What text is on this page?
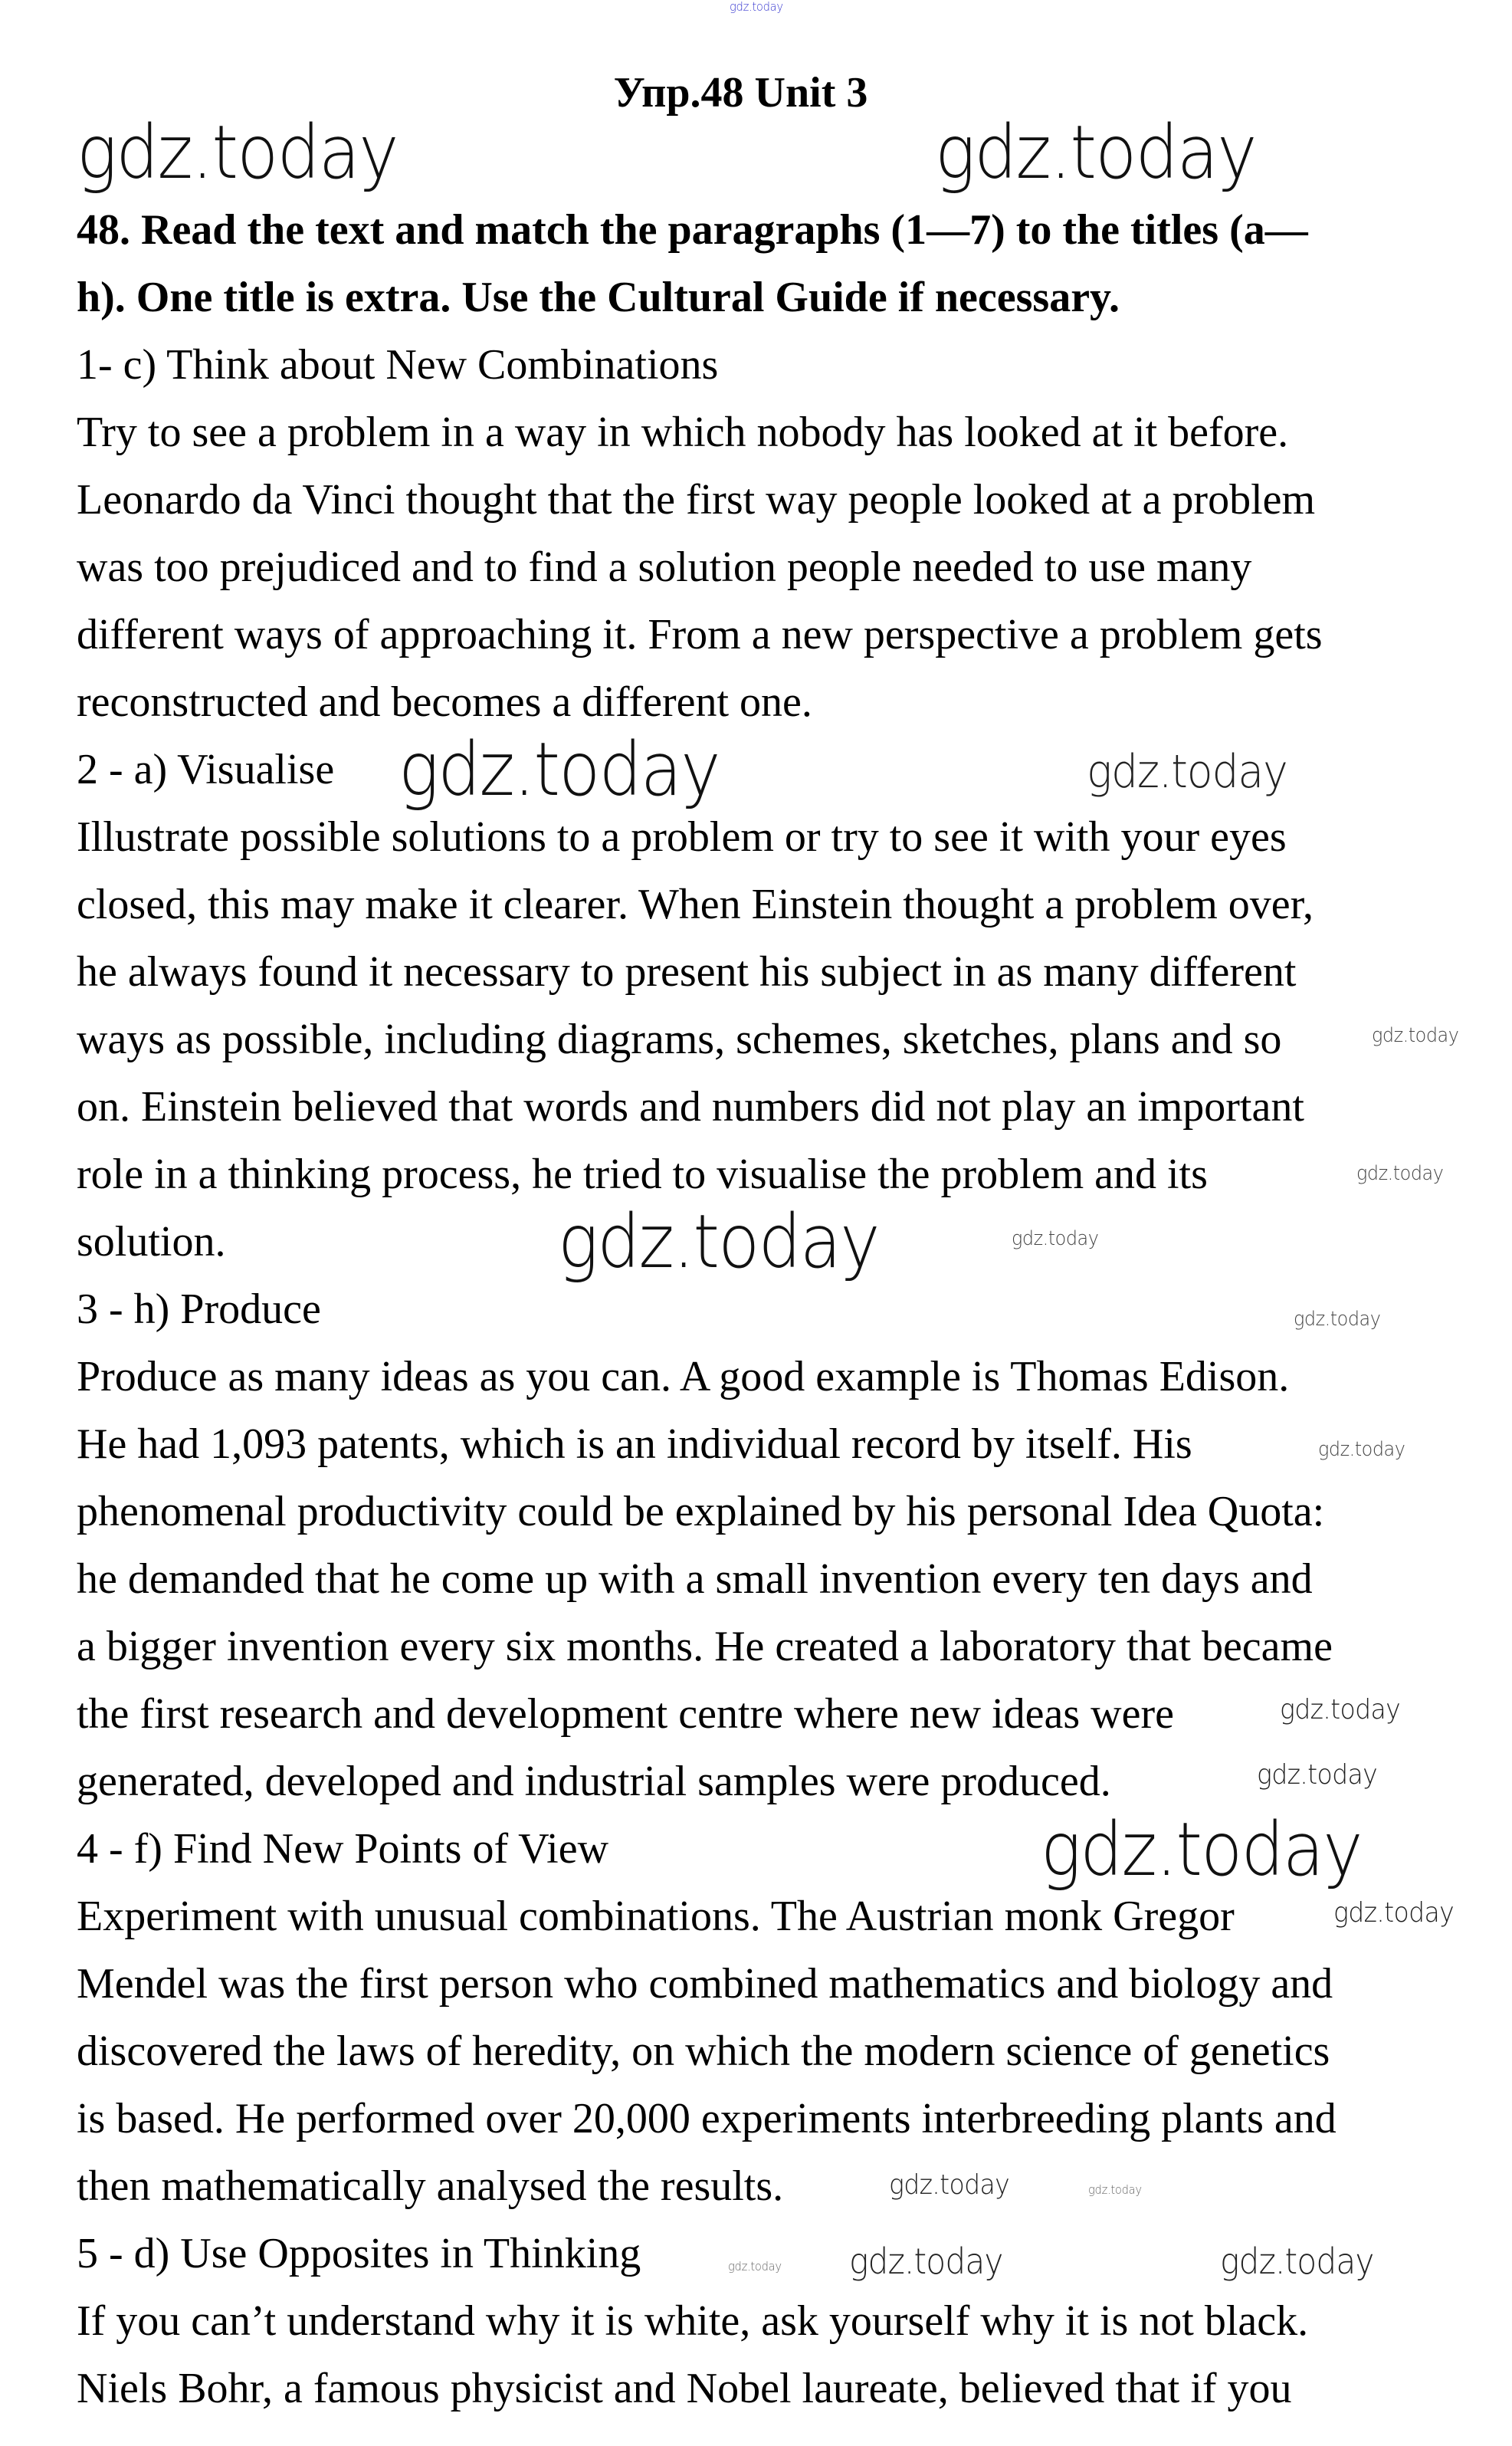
gdz.today
Упр.48 Unit 3
48. Read the text and match the paragraphs (1—7) to the titles (a—
h). One title is extra. Use the Cultural Guide if necessary.
1- c) Think about New Combinations
Try to see a problem in a way in which nobody has looked at it before.
Leonardo da Vinci thought that the first way people looked at a problem
was too prejudiced and to find a solution people needed to use many
different ways of approaching it. From a new perspective a problem gets
reconstructed and becomes a different one.
2 - a) Visualise
Illustrate possible solutions to a problem or try to see it with your eyes
closed, this may make it clearer. When Einstein thought a problem over,
he always found it necessary to present his subject in as many different
ways as possible, including diagrams, schemes, sketches, plans and so
on. Einstein believed that words and numbers did not play an important
role in a thinking process, he tried to visualise the problem and its
solution.
3 - h) Produce
Produce as many ideas as you can. A good example is Thomas Edison.
He had 1,093 patents, which is an individual record by itself. His
phenomenal productivity could be explained by his personal Idea Quota:
he demanded that he come up with a small invention every ten days and
a bigger invention every six months. He created a laboratory that became
the first research and development centre where new ideas were
generated, developed and industrial samples were produced.
4 - f) Find New Points of View
Experiment with unusual combinations. The Austrian monk Gregor
Mendel was the first person who combined mathematics and biology and
discovered the laws of heredity, on which the modern science of genetics
is based. He performed over 20,000 experiments interbreeding plants and
then mathematically analysed the results.
5 - d) Use Opposites in Thinking
If you can’t understand why it is white, ask yourself why it is not black.
Niels Bohr, a famous physicist and Nobel laureate, believed that if you
gdz.today	gdz.today
gdz.today	gdz.today
gdz.today
gdz.today
gdz.today	gdz.today
gdz.today
gdz.today
gdz.today
gdz.today
gdz.today
gdz.today
gdz.today	gdz.today
gdz.today	gdz.today
gdz.today
